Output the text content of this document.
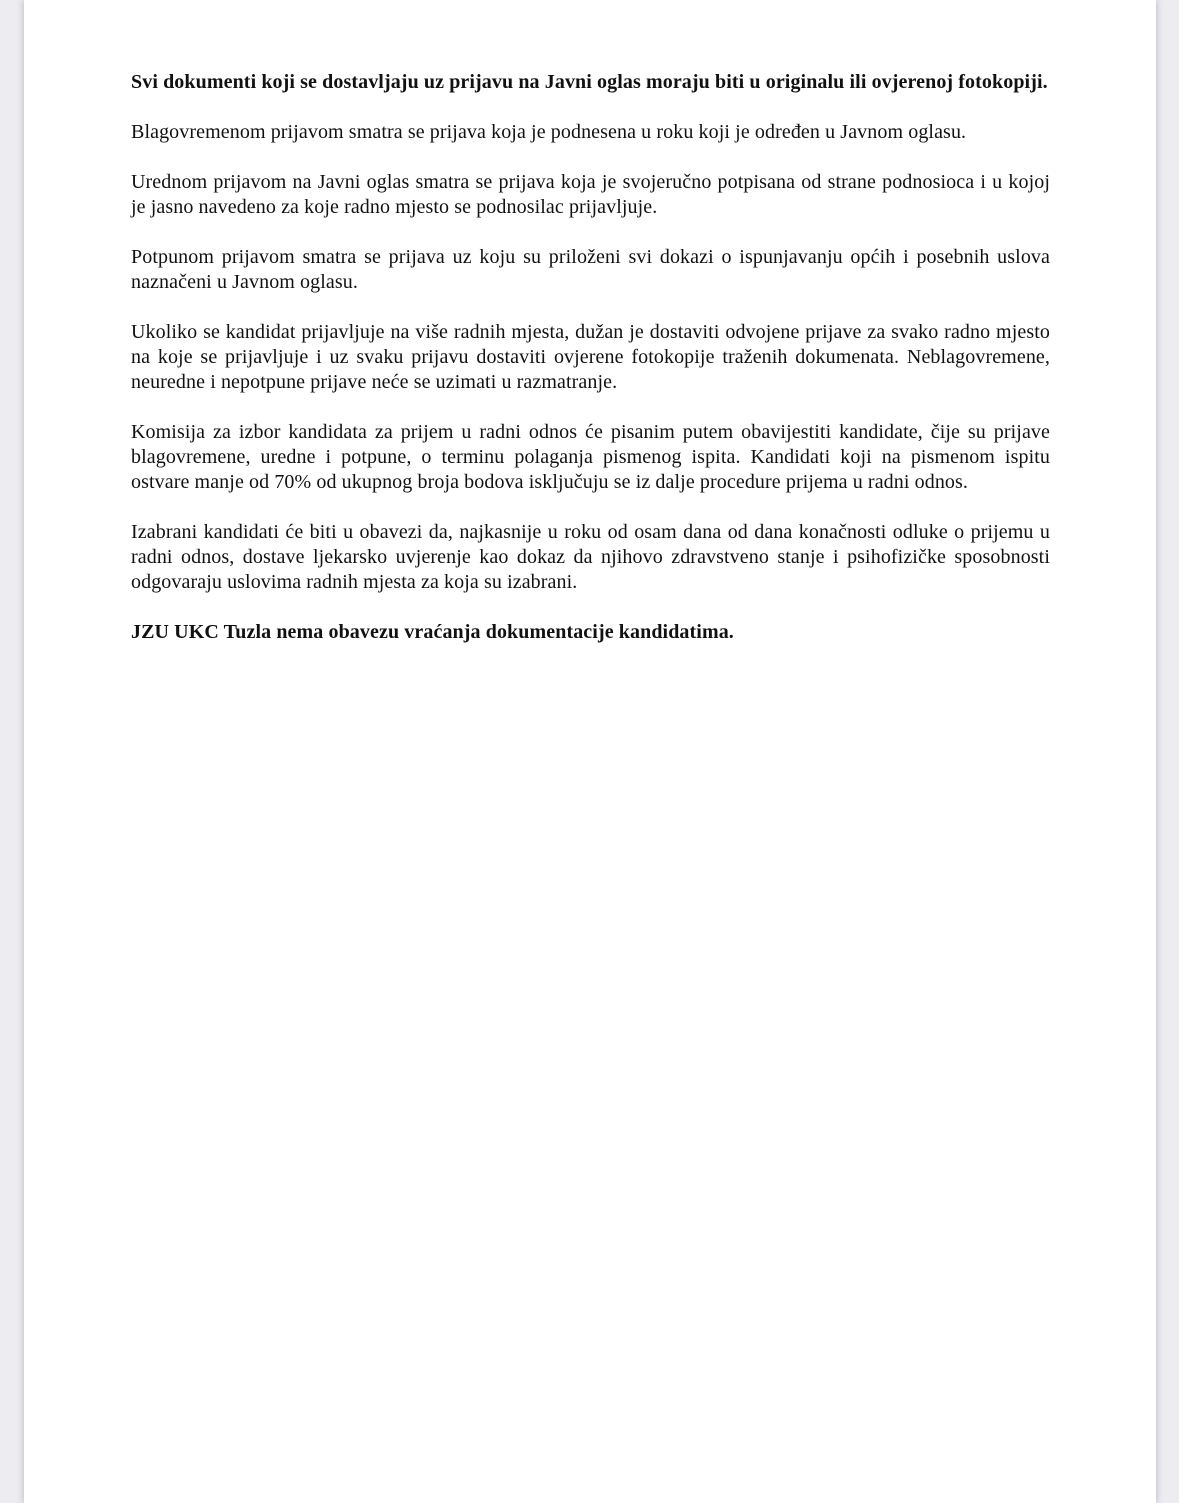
Svi dokumenti koji se dostavljaju uz prijavu na Javni oglas moraju biti u originalu ili ovjerenoj fotokopiji.

Blagovremenom prijavom smatra se prijava koja je podnesena u roku koji je određen u Javnom oglasu.

Urednom prijavom na Javni oglas smatra se prijava koja je svojeručno potpisana od strane podnosioca i u kojoj je jasno navedeno za koje radno mjesto se podnosilac prijavljuje.

Potpunom prijavom smatra se prijava uz koju su priloženi svi dokazi o ispunjavanju općih i posebnih uslova naznačeni u Javnom oglasu.

Ukoliko se kandidat prijavljuje na više radnih mjesta, dužan je dostaviti odvojene prijave za svako radno mjesto na koje se prijavljuje i uz svaku prijavu dostaviti ovjerene fotokopije traženih dokumenata. Neblagovremene, neuredne i nepotpune prijave neće se uzimati u razmatranje.

Komisija za izbor kandidata za prijem u radni odnos će pisanim putem obavijestiti kandidate, čije su prijave blagovremene, uredne i potpune, o terminu polaganja pismenog ispita. Kandidati koji na pismenom ispitu ostvare manje od 70% od ukupnog broja bodova isključuju se iz dalje procedure prijema u radni odnos.

Izabrani kandidati će biti u obavezi da, najkasnije u roku od osam dana od dana konačnosti odluke o prijemu u radni odnos, dostave ljekarsko uvjerenje kao dokaz da njihovo zdravstveno stanje i psihofizičke sposobnosti odgovaraju uslovima radnih mjesta za koja su izabrani.

JZU UKC Tuzla nema obavezu vraćanja dokumentacije kandidatima.
